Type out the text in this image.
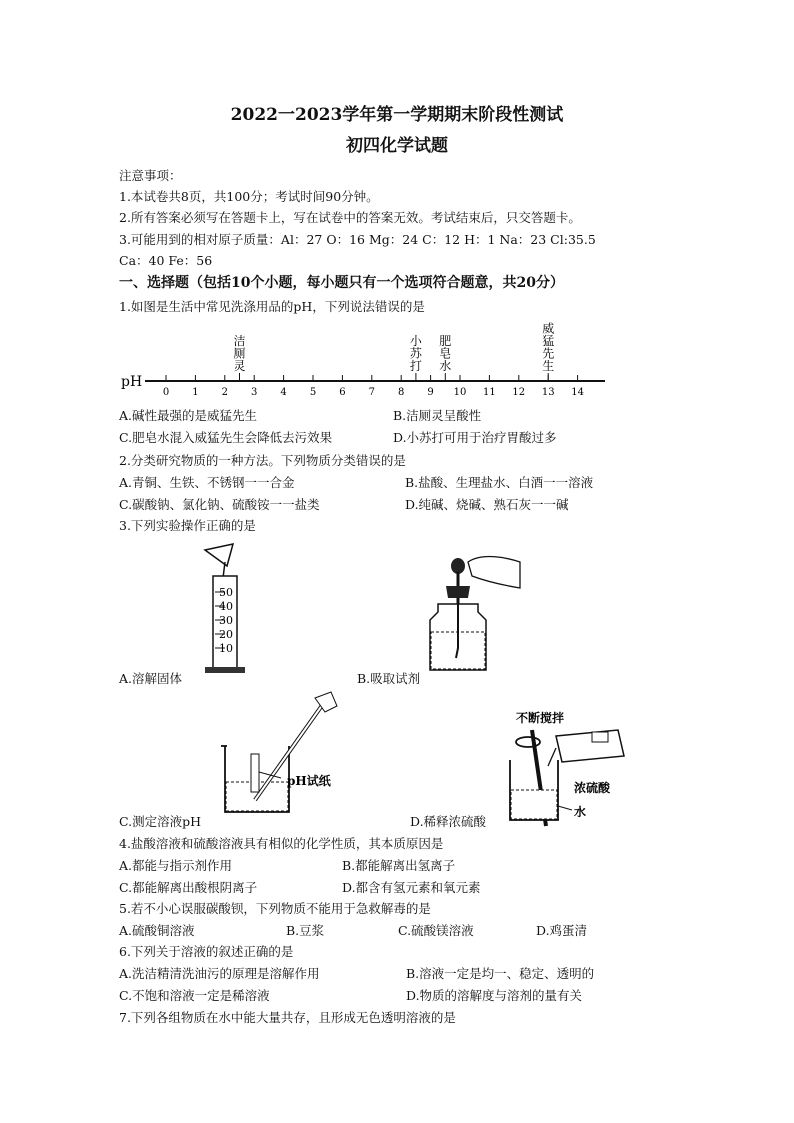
2022一2023学年第一学期期末阶段性测试
初四化学试题
注意事项：
1.本试卷共8页，共100分；考试时间90分钟。
2.所有答案必须写在答题卡上，写在试卷中的答案无效。考试结束后，只交答题卡。
3.可能用到的相对原子质量：Al：27 O：16 Mg：24 C：12 H：1 Na：23 Cl:35.5
Ca：40 Fe：56
一、选择题（包括10个小题，每小题只有一个选项符合题意，共20分）
1.如图是生活中常见洗涤用品的pH，下列说法错误的是
pH
0 1 2 3 4 5 6 7 8 9 10 11 12 13 14
洁厕灵
小苏打
肥皂水
威猛先生
A.碱性最强的是威猛先生	B.洁厕灵呈酸性
C.肥皂水混入威猛先生会降低去污效果	D.小苏打可用于治疗胃酸过多
2.分类研究物质的一种方法。下列物质分类错误的是
A.青铜、生铁、不锈钢一一合金	B.盐酸、生理盐水、白酒一一溶液
C.碳酸钠、氯化钠、硫酸铵一一盐类	D.纯碱、烧碱、熟石灰一一碱
3.下列实验操作正确的是
50
40
30
20
10
A.溶解固体	B.吸取试剂
pH试纸
不断搅拌
浓硫酸
水
C.测定溶液pH	D.稀释浓硫酸
4.盐酸溶液和硫酸溶液具有相似的化学性质，其本质原因是
A.都能与指示剂作用	B.都能解离出氢离子
C.都能解离出酸根阴离子	D.都含有氢元素和氧元素
5.若不小心误服碳酸钡，下列物质不能用于急救解毒的是
A.硫酸铜溶液	B.豆浆	C.硫酸镁溶液	D.鸡蛋清
6.下列关于溶液的叙述正确的是
A.洗洁精清洗油污的原理是溶解作用	B.溶液一定是均一、稳定、透明的
C.不饱和溶液一定是稀溶液	D.物质的溶解度与溶剂的量有关
7.下列各组物质在水中能大量共存，且形成无色透明溶液的是
